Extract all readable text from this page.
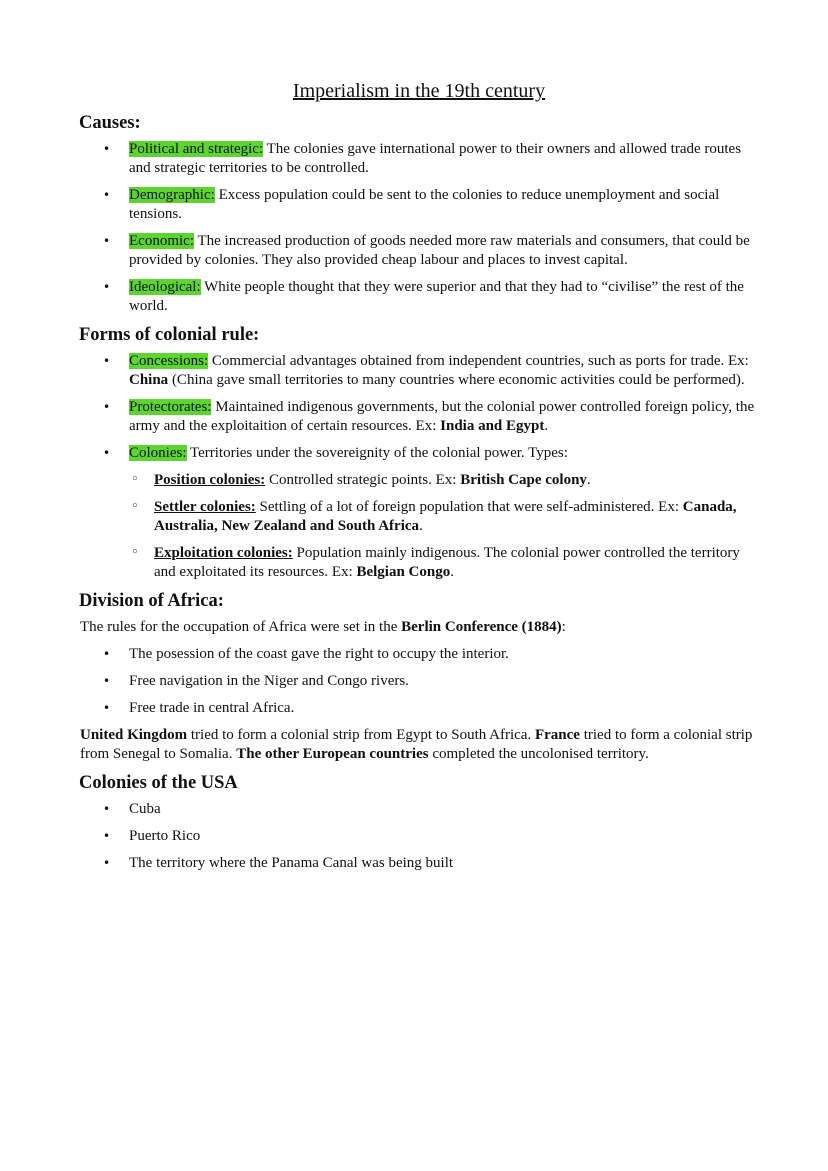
Imperialism in the 19th century
Causes:
• Political and strategic: The colonies gave international power to their owners and allowed trade routes and strategic territories to be controlled.
• Demographic: Excess population could be sent to the colonies to reduce unemployment and social tensions.
• Economic: The increased production of goods needed more raw materials and consumers, that could be provided by colonies. They also provided cheap labour and places to invest capital.
• Ideological: White people thought that they were superior and that they had to “civilise” the rest of the world.
Forms of colonial rule:
• Concessions: Commercial advantages obtained from independent countries, such as ports for trade. Ex: China (China gave small territories to many countries where economic activities could be performed).
• Protectorates: Maintained indigenous governments, but the colonial power controlled foreign policy, the army and the exploitaition of certain resources. Ex: India and Egypt.
• Colonies: Territories under the sovereignity of the colonial power. Types:
◦ Position colonies: Controlled strategic points. Ex: British Cape colony.
◦ Settler colonies: Settling of a lot of foreign population that were self-administered. Ex: Canada, Australia, New Zealand and South Africa.
◦ Exploitation colonies: Population mainly indigenous. The colonial power controlled the territory and exploitated its resources. Ex: Belgian Congo.
Division of Africa:

The rules for the occupation of Africa were set in the Berlin Conference (1884):

• The posession of the coast gave the right to occupy the interior.
• Free navigation in the Niger and Congo rivers.
• Free trade in central Africa.

United Kingdom tried to form a colonial strip from Egypt to South Africa. France tried to form a colonial strip from Senegal to Somalia. The other European countries completed the uncolonised territory.

Colonies of the USA
• Cuba
• Puerto Rico
• The territory where the Panama Canal was being built
